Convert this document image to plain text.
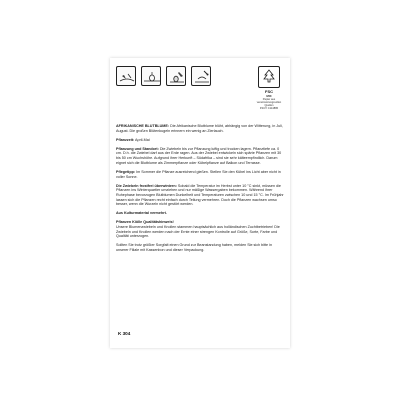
FSC
MIX
Papier aus verantwortungsvollen Quellen
FSC® C114886

AFRIKANISCHE BLUTBLUME: Die Afrikanische Blutblume blüht, abhängig von der Witterung, in Juli, August. Die großen Blütenkugeln erinnern ein wenig an Zierlauch.

Pflanzzeit: April-Mai

Pflanzung und Standort: Die Zwiebeln bis zur Pflanzung luftig und trocken lagern. Pflanztiefe ca. 0 cm. D.h. die Zwiebel darf aus der Erde ragen. Aus der Zwiebel entwickeln sich spärte Pflanzen mit 30 bis 50 cm Wuchshöhe. Aufgrund ihrer Herkunft – Südafrika – sind sie sehr kälteempfindlich. Darum eignet sich die Blutblume als Zimmerpflanze oder Kübelpflanze auf Balkon und Terrasse.

Pflegetipp: Im Sommer die Pflanze ausreichend gießen. Stellen Sie den Kübel ins Licht aber nicht in voller Sonne.

Die Zwiebeln frostfrei überwintern: Sobald die Temperatur im Herbst unter 10 °C sinkt, müssen die Pflanzen ins Winterquartier umziehen und nur mäßige Wassergaben bekommen. Während ihrer Ruhephase bevorzugen Blutblumen Dunkelheit und Temperaturen zwischen 10 und 15 °C. Im Frühjahr lassen sich die Pflanzen recht einfach durch Teilung vermehren. Doch die Pflanzen wachsen umso besser, wenn die Wurzeln nicht gestört werden.

Aus Kulturmaterial vermehrt.

Pflanzen Kiölle Qualitätshinweis!
Unsere Blumenzwiebeln und Knollen stammen hauptsächlich aus holländischen Zuchtbetrieben! Die Zwiebeln und Knollen werden nach der Ernte einer strengen Kontrolle auf Größe, Sorte, Farbe und Qualität unterzogen.

Sollten Sie trotz größter Sorgfalt einen Grund zur Beanstandung haben, melden Sie sich bitte in unserer Filiale mit Kassenbon und dieser Verpackung.

K 304
